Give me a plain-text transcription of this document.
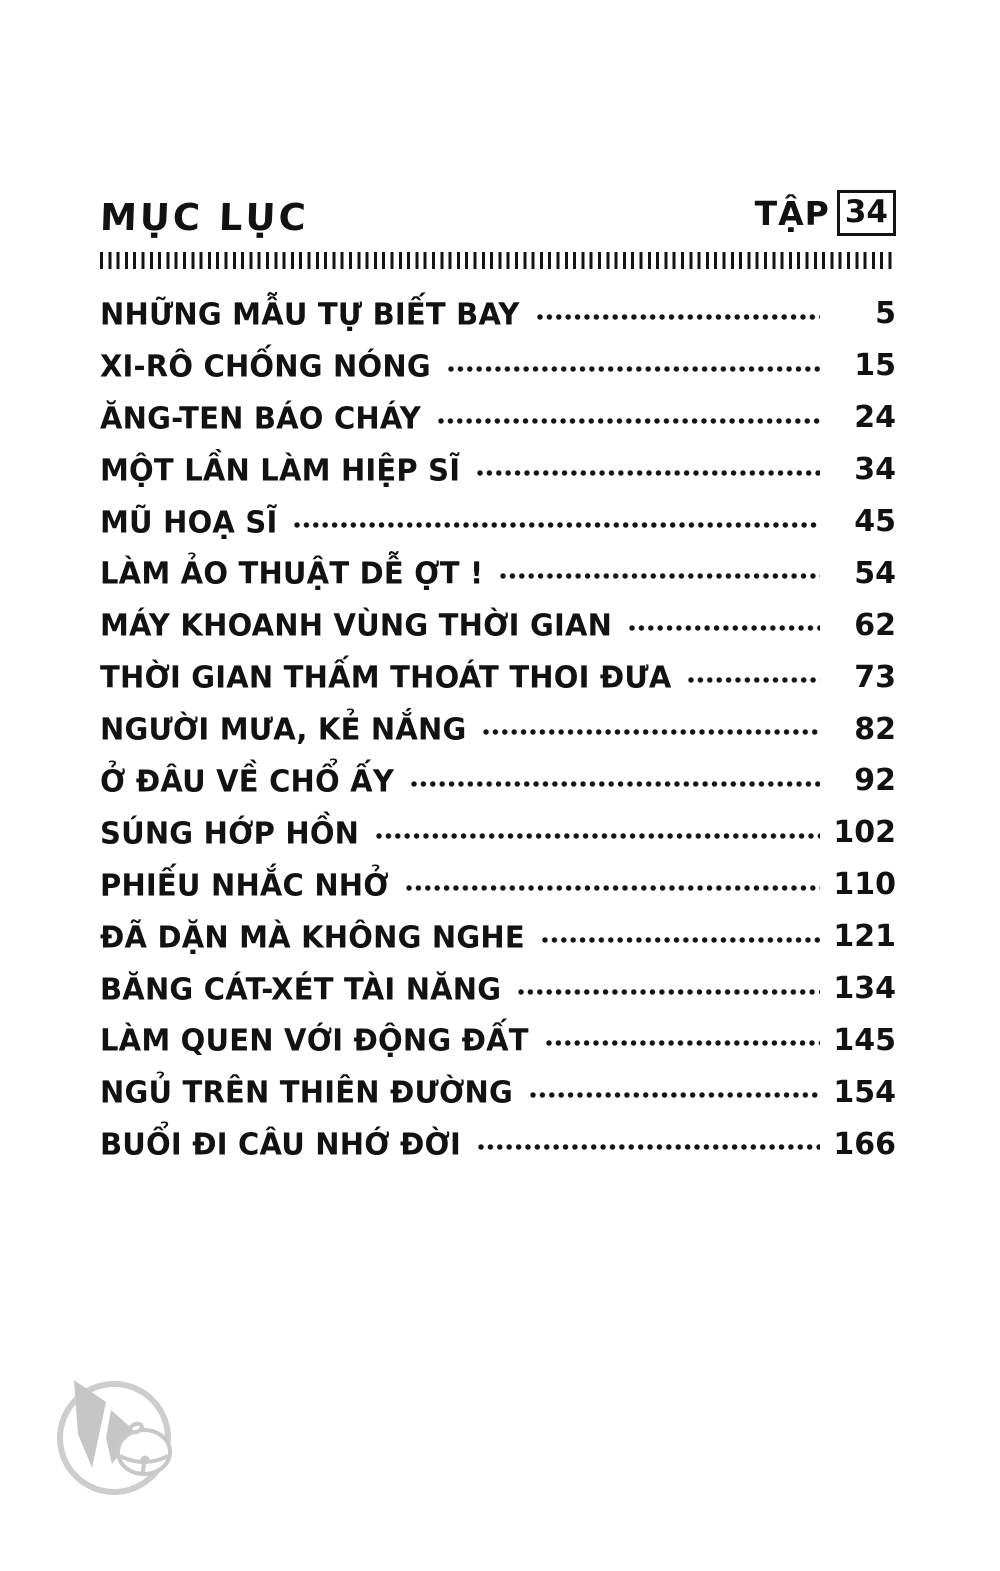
MỤC LỤC	TẬP 34
NHỮNG MẪU TỰ BIẾT BAY	5
XI-RÔ CHỐNG NÓNG	15
ĂNG-TEN BÁO CHÁY	24
MỘT LẦN LÀM HIỆP SĨ	34
MŨ HOẠ SĨ	45
LÀM ẢO THUẬT DỄ ỢT !	54
MÁY KHOANH VÙNG THỜI GIAN	62
THỜI GIAN THẤM THOÁT THOI ĐƯA	73
NGƯỜI MƯA, KẺ NẮNG	82
Ở ĐÂU VỀ CHỔ ẤY	92
SÚNG HỚP HỒN	102
PHIẾU NHẮC NHỞ	110
ĐÃ DẶN MÀ KHÔNG NGHE	121
BĂNG CÁT-XÉT TÀI NĂNG	134
LÀM QUEN VỚI ĐỘNG ĐẤT	145
NGỦ TRÊN THIÊN ĐƯỜNG	154
BUỔI ĐI CÂU NHỚ ĐỜI	166
